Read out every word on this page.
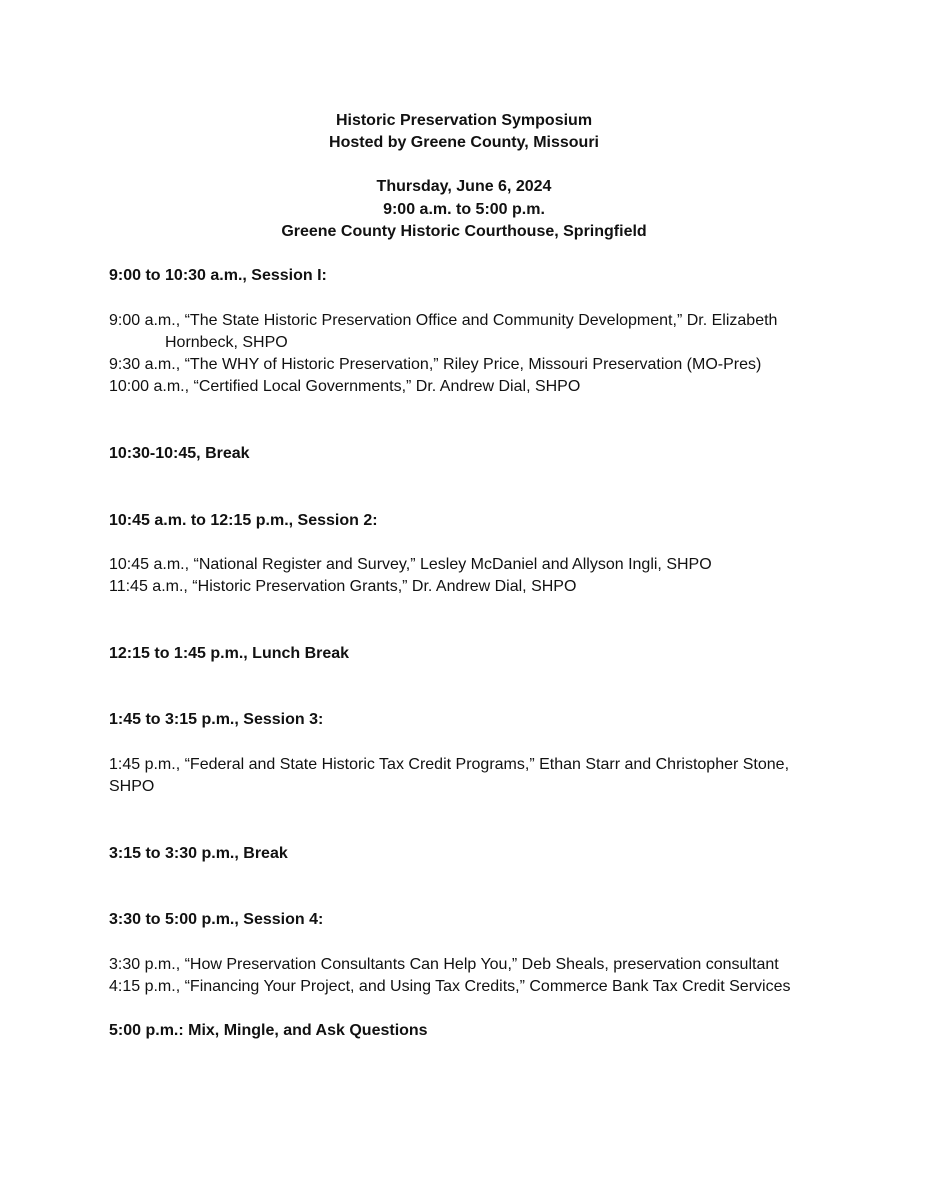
Historic Preservation Symposium
Hosted by Greene County, Missouri
Thursday, June 6, 2024
9:00 a.m. to 5:00 p.m.
Greene County Historic Courthouse, Springfield
9:00 to 10:30 a.m., Session I:
9:00 a.m., “The State Historic Preservation Office and Community Development,” Dr. Elizabeth
Hornbeck, SHPO
9:30 a.m., “The WHY of Historic Preservation,” Riley Price, Missouri Preservation (MO-Pres)
10:00 a.m., “Certified Local Governments,” Dr. Andrew Dial, SHPO
10:30-10:45, Break
10:45 a.m. to 12:15 p.m., Session 2:
10:45 a.m., “National Register and Survey,” Lesley McDaniel and Allyson Ingli, SHPO
11:45 a.m., “Historic Preservation Grants,” Dr. Andrew Dial, SHPO
12:15 to 1:45 p.m., Lunch Break
1:45 to 3:15 p.m., Session 3:
1:45 p.m., “Federal and State Historic Tax Credit Programs,” Ethan Starr and Christopher Stone,
SHPO
3:15 to 3:30 p.m., Break
3:30 to 5:00 p.m., Session 4:
3:30 p.m., “How Preservation Consultants Can Help You,” Deb Sheals, preservation consultant
4:15 p.m., “Financing Your Project, and Using Tax Credits,” Commerce Bank Tax Credit Services
5:00 p.m.: Mix, Mingle, and Ask Questions
